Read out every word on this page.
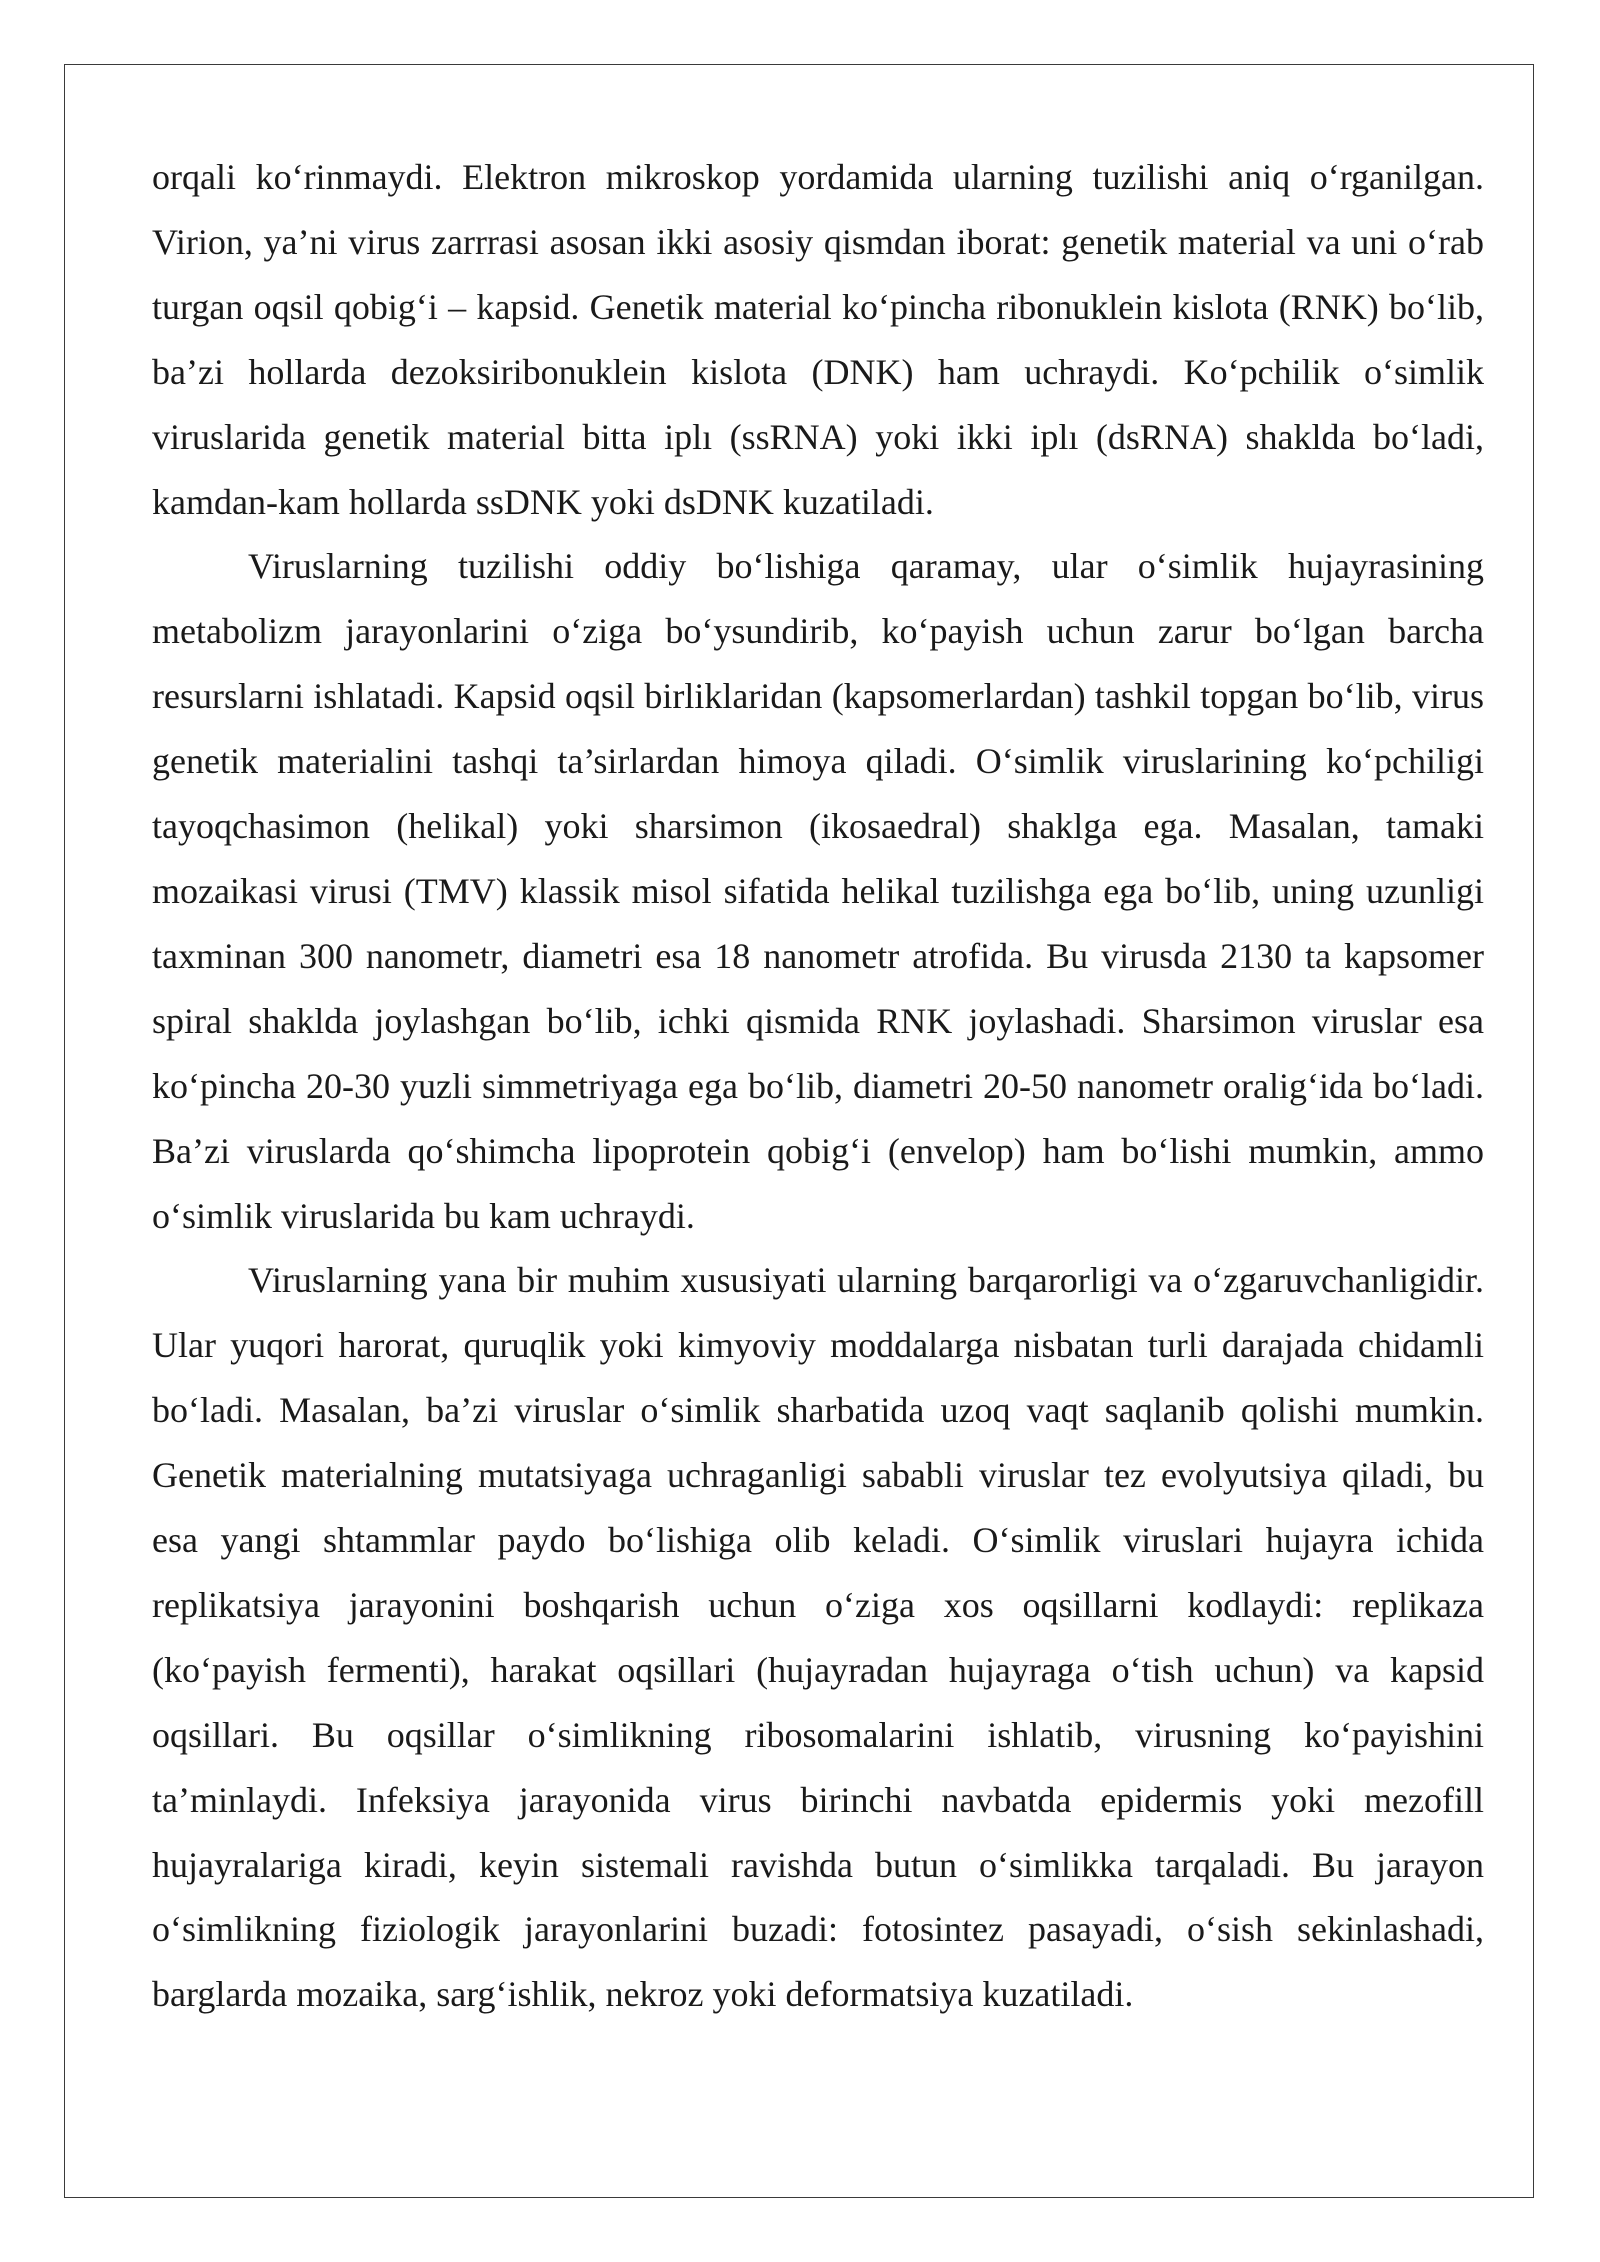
orqali koʻrinmaydi. Elektron mikroskop yordamida ularning tuzilishi aniq oʻrganilgan. Virion, ya’ni virus zarrrasi asosan ikki asosiy qismdan iborat: genetik material va uni oʻrab turgan oqsil qobigʻi – kapsid. Genetik material koʻpincha ribonuklein kislota (RNK) boʻlib, ba’zi hollarda dezoksiribonuklein kislota (DNK) ham uchraydi. Koʻpchilik oʻsimlik viruslarida genetik material bitta iplı (ssRNA) yoki ikki iplı (dsRNA) shaklda boʻladi, kamdan-kam hollarda ssDNK yoki dsDNK kuzatiladi.

Viruslarning tuzilishi oddiy boʻlishiga qaramay, ular oʻsimlik hujayrasining metabolizm jarayonlarini oʻziga boʻysundirib, koʻpayish uchun zarur boʻlgan barcha resurslarni ishlatadi. Kapsid oqsil birliklaridan (kapsomerlardan) tashkil topgan boʻlib, virus genetik materialini tashqi ta’sirlardan himoya qiladi. Oʻsimlik viruslarining koʻpchiligi tayoqchasimon (helikal) yoki sharsimon (ikosaedral) shaklga ega. Masalan, tamaki mozaikasi virusi (TMV) klassik misol sifatida helikal tuzilishga ega boʻlib, uning uzunligi taxminan 300 nanometr, diametri esa 18 nanometr atrofida. Bu virusda 2130 ta kapsomer spiral shaklda joylashgan boʻlib, ichki qismida RNK joylashadi. Sharsimon viruslar esa koʻpincha 20-30 yuzli simmetriyaga ega boʻlib, diametri 20-50 nanometr oraligʻida boʻladi. Ba’zi viruslarda qoʻshimcha lipoprotein qobigʻi (envelop) ham boʻlishi mumkin, ammo oʻsimlik viruslarida bu kam uchraydi.

Viruslarning yana bir muhim xususiyati ularning barqarorligi va oʻzgaruvchanligidir. Ular yuqori harorat, quruqlik yoki kimyoviy moddalarga nisbatan turli darajada chidamli boʻladi. Masalan, ba’zi viruslar oʻsimlik sharbatida uzoq vaqt saqlanib qolishi mumkin. Genetik materialning mutatsiyaga uchraganligi sababli viruslar tez evolyutsiya qiladi, bu esa yangi shtammlar paydo boʻlishiga olib keladi. Oʻsimlik viruslari hujayra ichida replikatsiya jarayonini boshqarish uchun oʻziga xos oqsillarni kodlaydi: replikaza (koʻpayish fermenti), harakat oqsillari (hujayradan hujayraga oʻtish uchun) va kapsid oqsillari. Bu oqsillar oʻsimlikning ribosomalarini ishlatib, virusning koʻpayishini ta’minlaydi. Infeksiya jarayonida virus birinchi navbatda epidermis yoki mezofill hujayralariga kiradi, keyin sistemali ravishda butun oʻsimlikka tarqaladi. Bu jarayon oʻsimlikning fiziologik jarayonlarini buzadi: fotosintez pasayadi, oʻsish sekinlashadi, barglarda mozaika, sargʻishlik, nekroz yoki deformatsiya kuzatiladi.
